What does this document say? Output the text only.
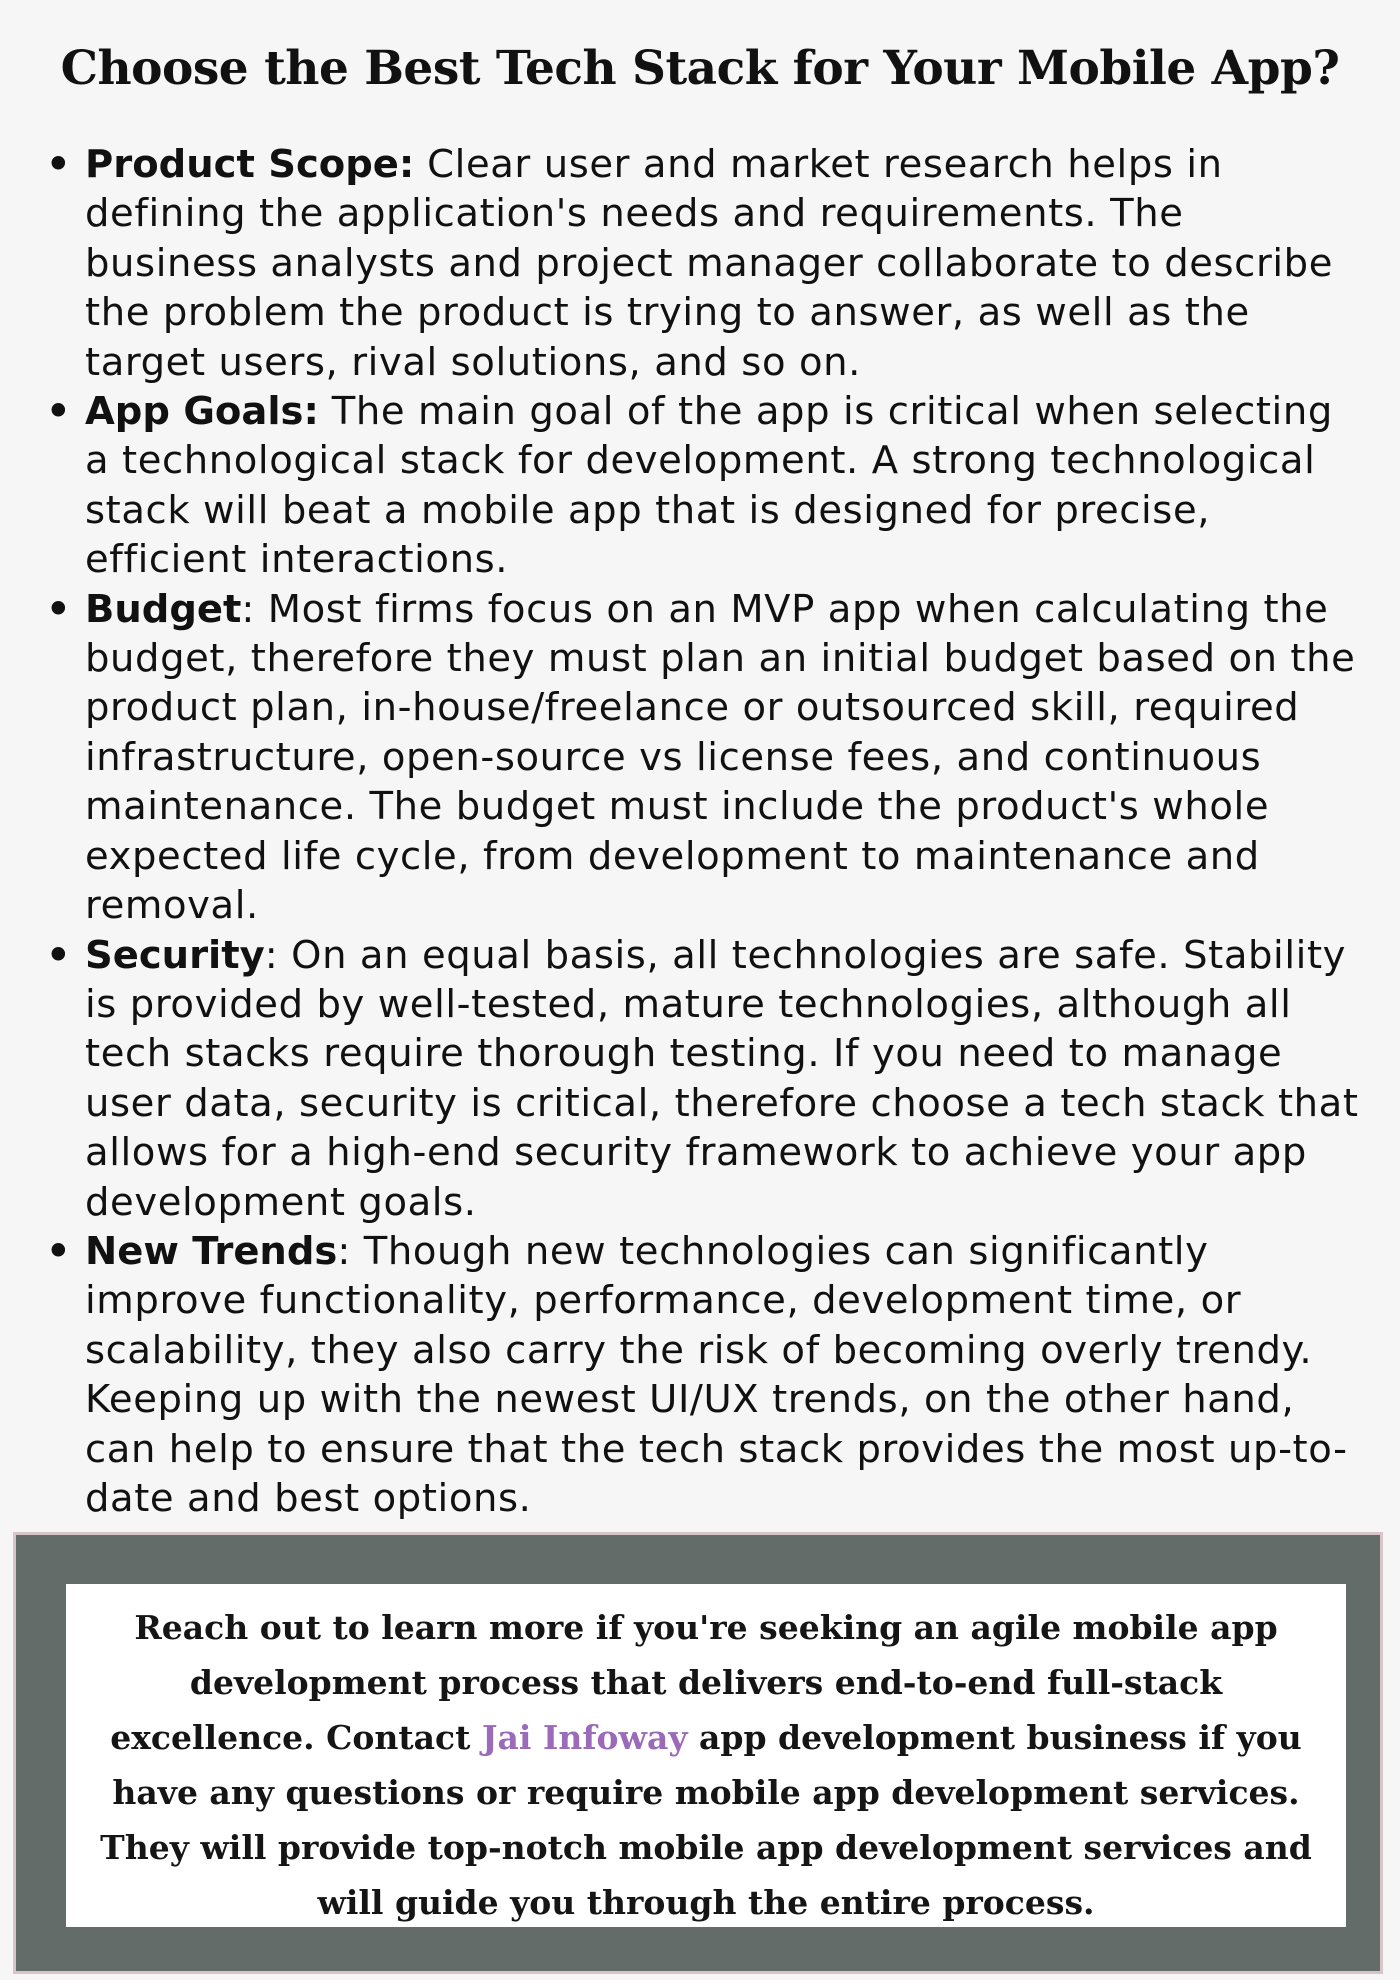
Choose the Best Tech Stack for Your Mobile App?
• Product Scope: Clear user and market research helps in defining the application's needs and requirements. The business analysts and project manager collaborate to describe the problem the product is trying to answer, as well as the target users, rival solutions, and so on.
• App Goals: The main goal of the app is critical when selecting a technological stack for development. A strong technological stack will beat a mobile app that is designed for precise, efficient interactions.
• Budget: Most firms focus on an MVP app when calculating the budget, therefore they must plan an initial budget based on the product plan, in-house/freelance or outsourced skill, required infrastructure, open-source vs license fees, and continuous maintenance. The budget must include the product's whole expected life cycle, from development to maintenance and removal.
• Security: On an equal basis, all technologies are safe. Stability is provided by well-tested, mature technologies, although all tech stacks require thorough testing. If you need to manage user data, security is critical, therefore choose a tech stack that allows for a high-end security framework to achieve your app development goals.
• New Trends: Though new technologies can significantly improve functionality, performance, development time, or scalability, they also carry the risk of becoming overly trendy. Keeping up with the newest UI/UX trends, on the other hand, can help to ensure that the tech stack provides the most up-to-date and best options.
Reach out to learn more if you're seeking an agile mobile app development process that delivers end-to-end full-stack excellence. Contact Jai Infoway app development business if you have any questions or require mobile app development services. They will provide top-notch mobile app development services and will guide you through the entire process.
